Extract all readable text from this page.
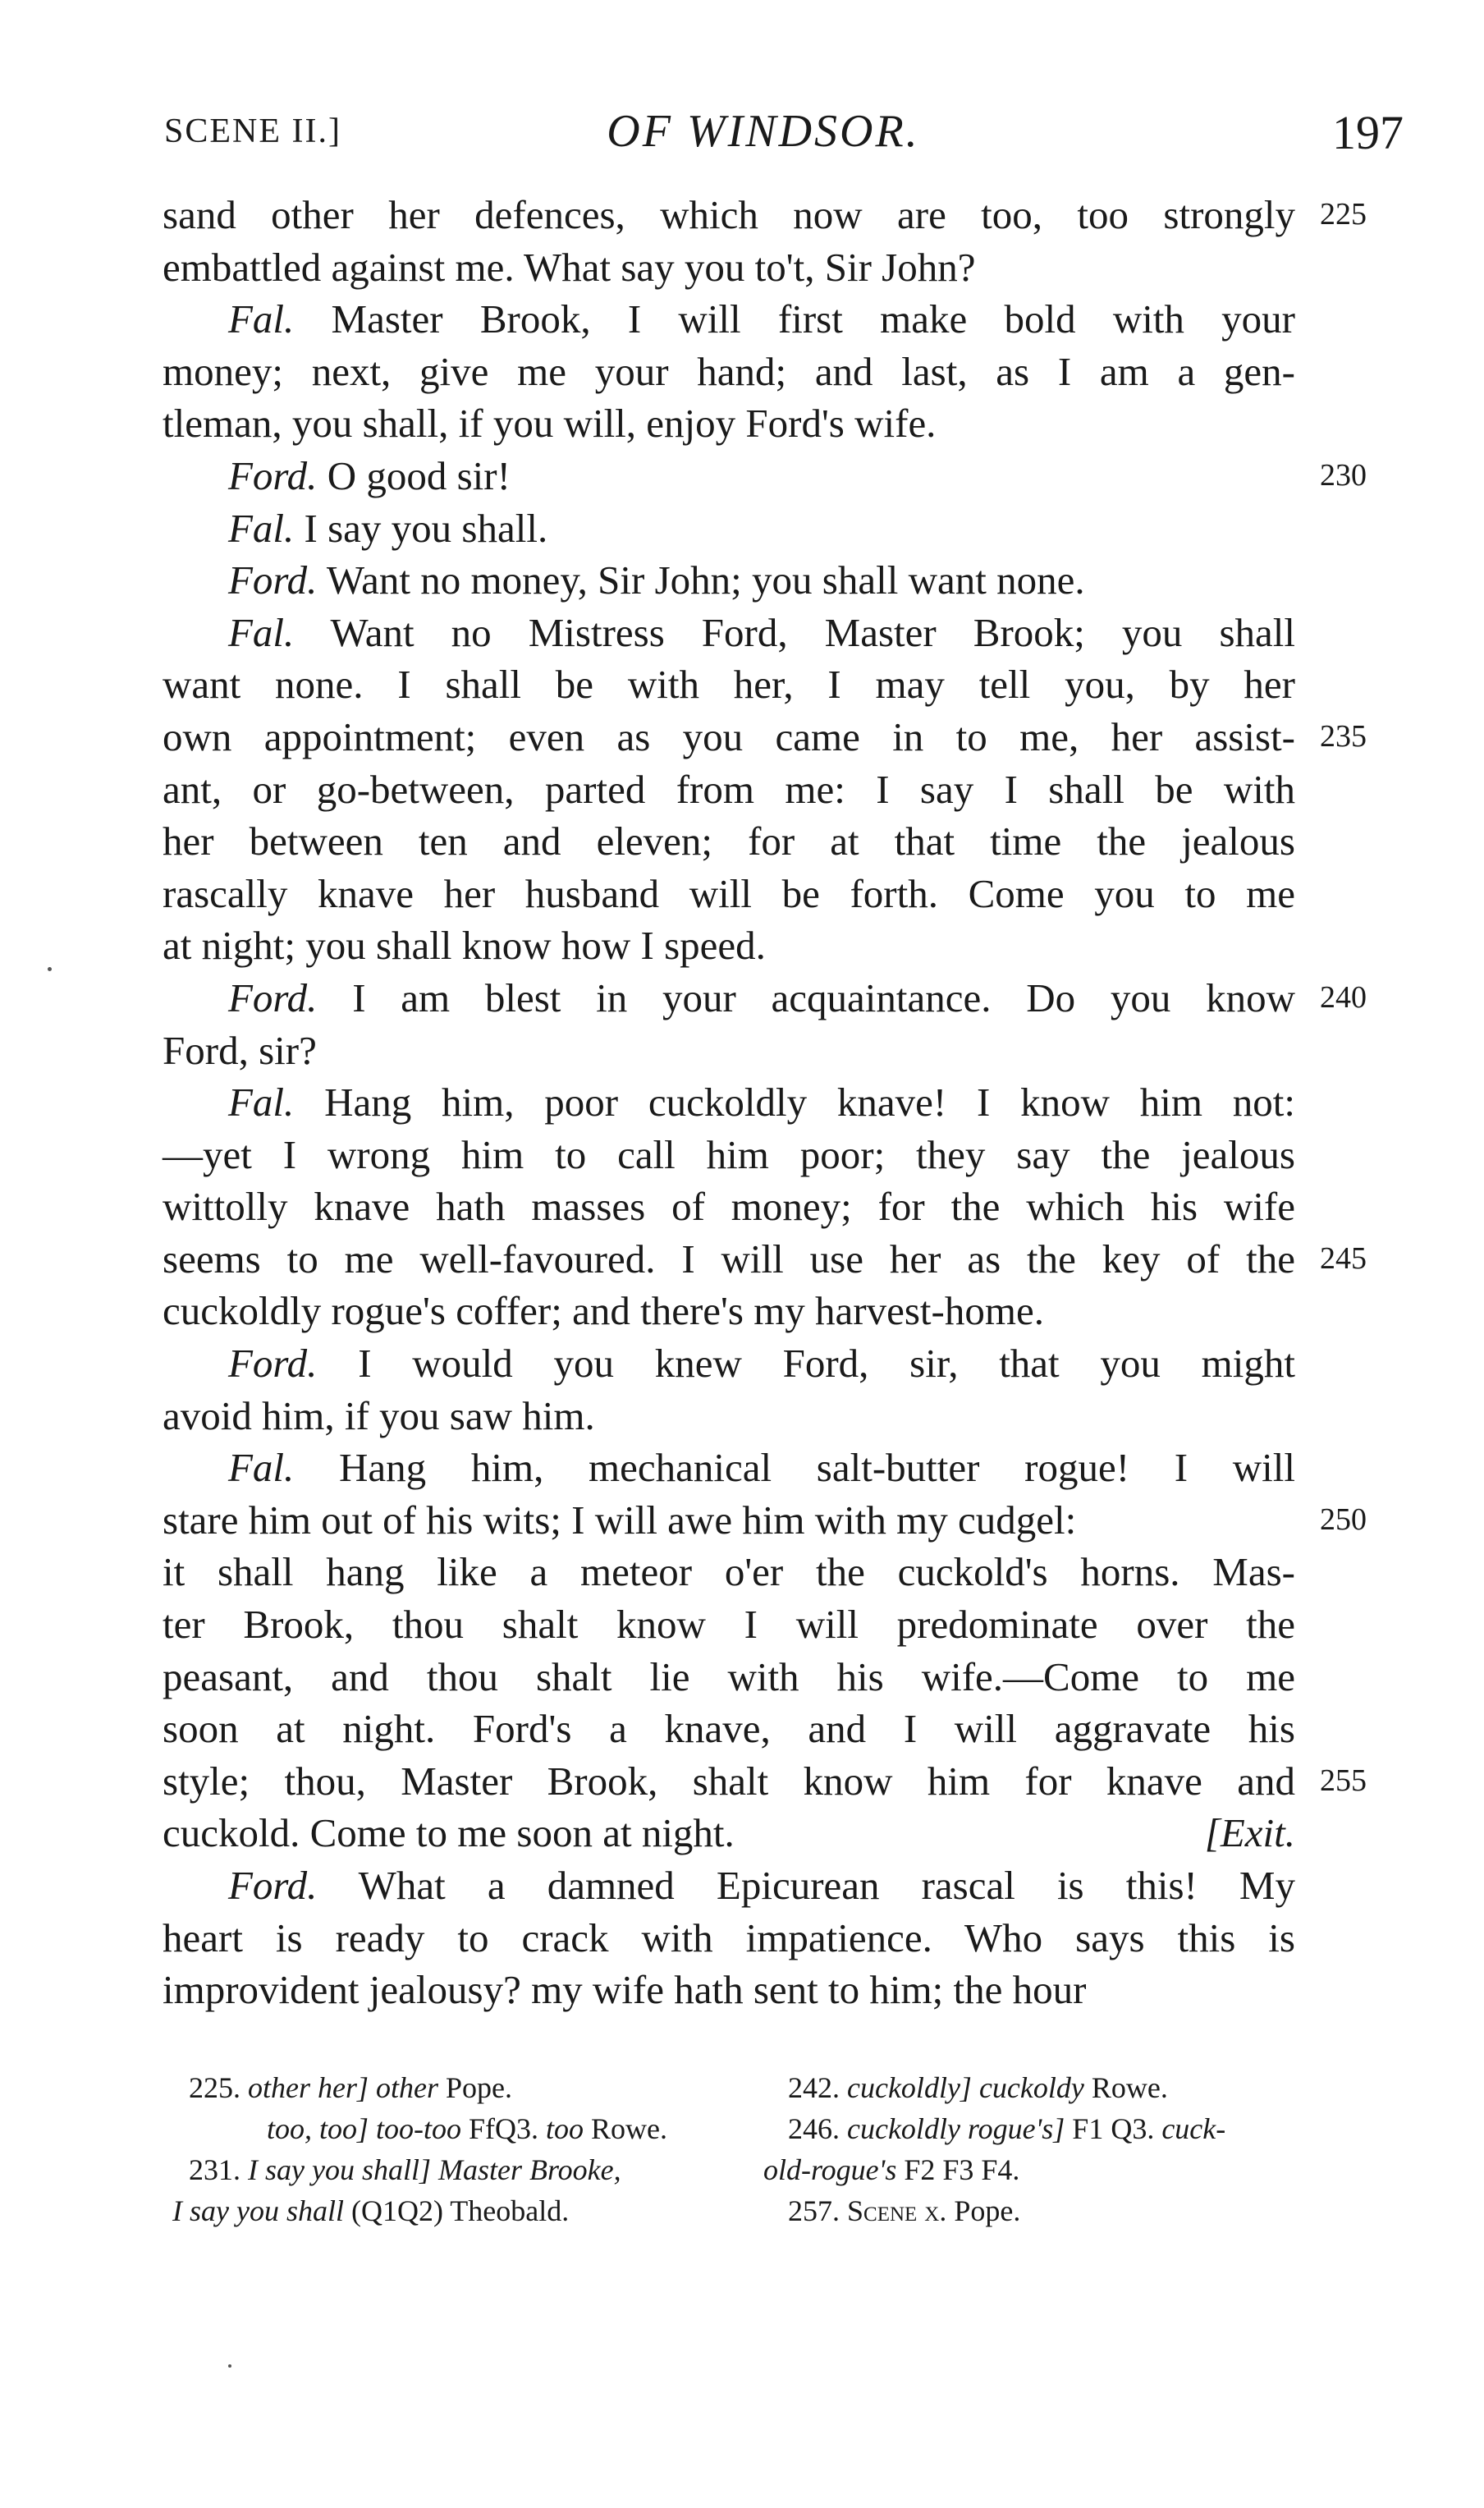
SCENE II.]	OF WINDSOR.	197
sand other her defences, which now are too, too strongly 225
embattled against me. What say you to't, Sir John?
Fal. Master Brook, I will first make bold with your
money; next, give me your hand; and last, as I am a gen-
tleman, you shall, if you will, enjoy Ford's wife.
Ford. O good sir!	230
Fal. I say you shall.
Ford. Want no money, Sir John; you shall want none.
Fal. Want no Mistress Ford, Master Brook; you shall
want none. I shall be with her, I may tell you, by her
own appointment; even as you came in to me, her assist- 235
ant, or go-between, parted from me: I say I shall be with
her between ten and eleven; for at that time the jealous
rascally knave her husband will be forth. Come you to me
at night; you shall know how I speed.
Ford. I am blest in your acquaintance. Do you know 240
Ford, sir?
Fal. Hang him, poor cuckoldly knave! I know him not:
—yet I wrong him to call him poor; they say the jealous
wittolly knave hath masses of money; for the which his wife
seems to me well-favoured. I will use her as the key of the 245
cuckoldly rogue's coffer; and there's my harvest-home.
Ford. I would you knew Ford, sir, that you might
avoid him, if you saw him.
Fal. Hang him, mechanical salt-butter rogue! I will
stare him out of his wits; I will awe him with my cudgel:	250
it shall hang like a meteor o'er the cuckold's horns. Mas-
ter Brook, thou shalt know I will predominate over the
peasant, and thou shalt lie with his wife.—Come to me
soon at night. Ford's a knave, and I will aggravate his
style; thou, Master Brook, shalt know him for knave and 255
cuckold. Come to me soon at night.	[Exit.
Ford. What a damned Epicurean rascal is this! My
heart is ready to crack with impatience. Who says this is
improvident jealousy? my wife hath sent to him; the hour
225. other her] other Pope.	242. cuckoldly] cuckoldy Rowe.
too, too] too-too FfQ3. too Rowe.	246. cuckoldly rogue's] F1 Q3. cuck-
231. I say you shall] Master Brooke,	old-rogue's F2 F3 F4.
I say you shall (Q1Q2) Theobald.	257. Scene x. Pope.
